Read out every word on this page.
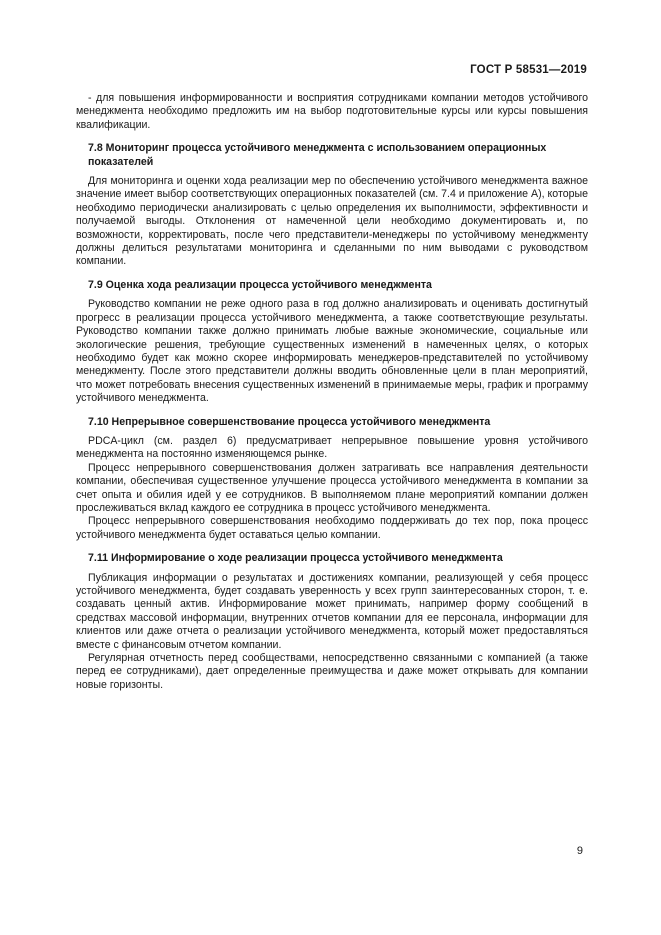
ГОСТ Р 58531—2019

- для повышения информированности и восприятия сотрудниками компании методов устойчивого менеджмента необходимо предложить им на выбор подготовительные курсы или курсы повышения квалификации.

7.8 Мониторинг процесса устойчивого менеджмента с использованием операционных показателей

Для мониторинга и оценки хода реализации мер по обеспечению устойчивого менеджмента важное значение имеет выбор соответствующих операционных показателей (см. 7.4 и приложение А), которые необходимо периодически анализировать с целью определения их выполнимости, эффективности и получаемой выгоды. Отклонения от намеченной цели необходимо документировать и, по возможности, корректировать, после чего представители-менеджеры по устойчивому менеджменту должны делиться результатами мониторинга и сделанными по ним выводами с руководством компании.

7.9 Оценка хода реализации процесса устойчивого менеджмента

Руководство компании не реже одного раза в год должно анализировать и оценивать достигнутый прогресс в реализации процесса устойчивого менеджмента, а также соответствующие результаты. Руководство компании также должно принимать любые важные экономические, социальные или экологические решения, требующие существенных изменений в намеченных целях, о которых необходимо будет как можно скорее информировать менеджеров-представителей по устойчивому менеджменту. После этого представители должны вводить обновленные цели в план мероприятий, что может потребовать внесения существенных изменений в принимаемые меры, график и программу устойчивого менеджмента.

7.10 Непрерывное совершенствование процесса устойчивого менеджмента

PDCA-цикл (см. раздел 6) предусматривает непрерывное повышение уровня устойчивого менеджмента на постоянно изменяющемся рынке.

Процесс непрерывного совершенствования должен затрагивать все направления деятельности компании, обеспечивая существенное улучшение процесса устойчивого менеджмента в компании за счет опыта и обилия идей у ее сотрудников. В выполняемом плане мероприятий компании должен прослеживаться вклад каждого ее сотрудника в процесс устойчивого менеджмента.

Процесс непрерывного совершенствования необходимо поддерживать до тех пор, пока процесс устойчивого менеджмента будет оставаться целью компании.

7.11 Информирование о ходе реализации процесса устойчивого менеджмента

Публикация информации о результатах и достижениях компании, реализующей у себя процесс устойчивого менеджмента, будет создавать уверенность у всех групп заинтересованных сторон, т. е. создавать ценный актив. Информирование может принимать, например форму сообщений в средствах массовой информации, внутренних отчетов компании для ее персонала, информации для клиентов или даже отчета о реализации устойчивого менеджмента, который может предоставляться вместе с финансовым отчетом компании.

Регулярная отчетность перед сообществами, непосредственно связанными с компанией (а также перед ее сотрудниками), дает определенные преимущества и даже может открывать для компании новые горизонты.

9
